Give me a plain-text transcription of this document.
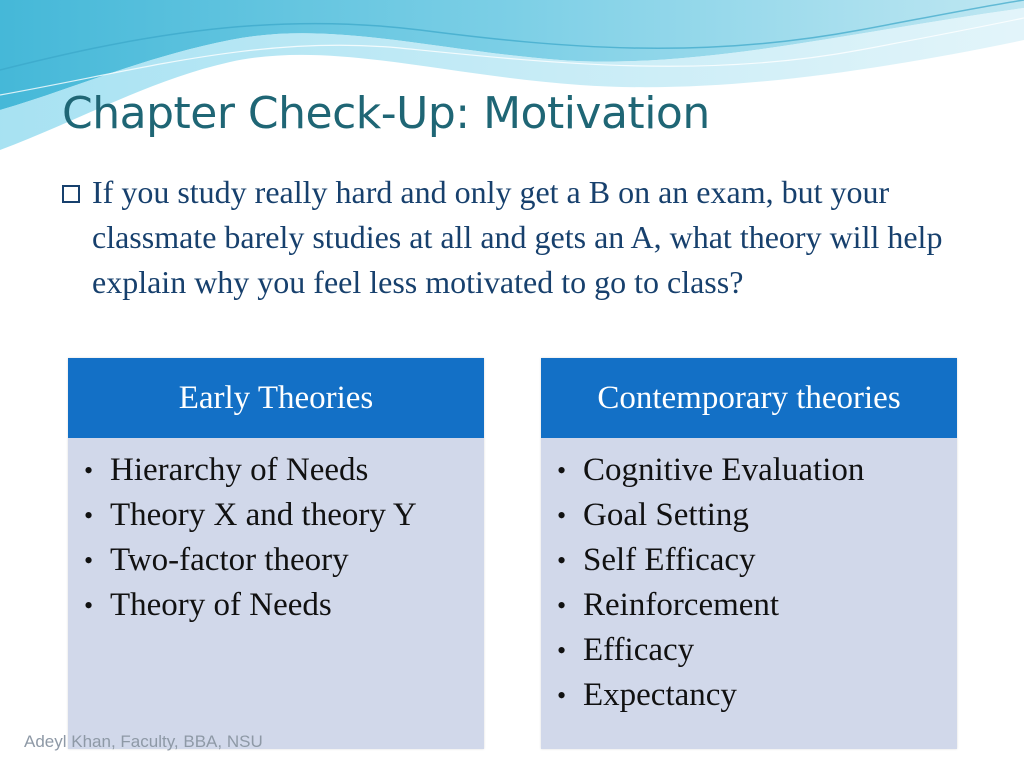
Chapter Check-Up: Motivation

If you study really hard and only get a B on an exam, but your classmate barely studies at all and gets an A, what theory will help explain why you feel less motivated to go to class?

Early Theories
• Hierarchy of Needs
• Theory X and theory Y
• Two-factor theory
• Theory of Needs
Contemporary theories
• Cognitive Evaluation
• Goal Setting
• Self Efficacy
• Reinforcement
• Efficacy
• Expectancy
Adeyl Khan, Faculty, BBA, NSU
